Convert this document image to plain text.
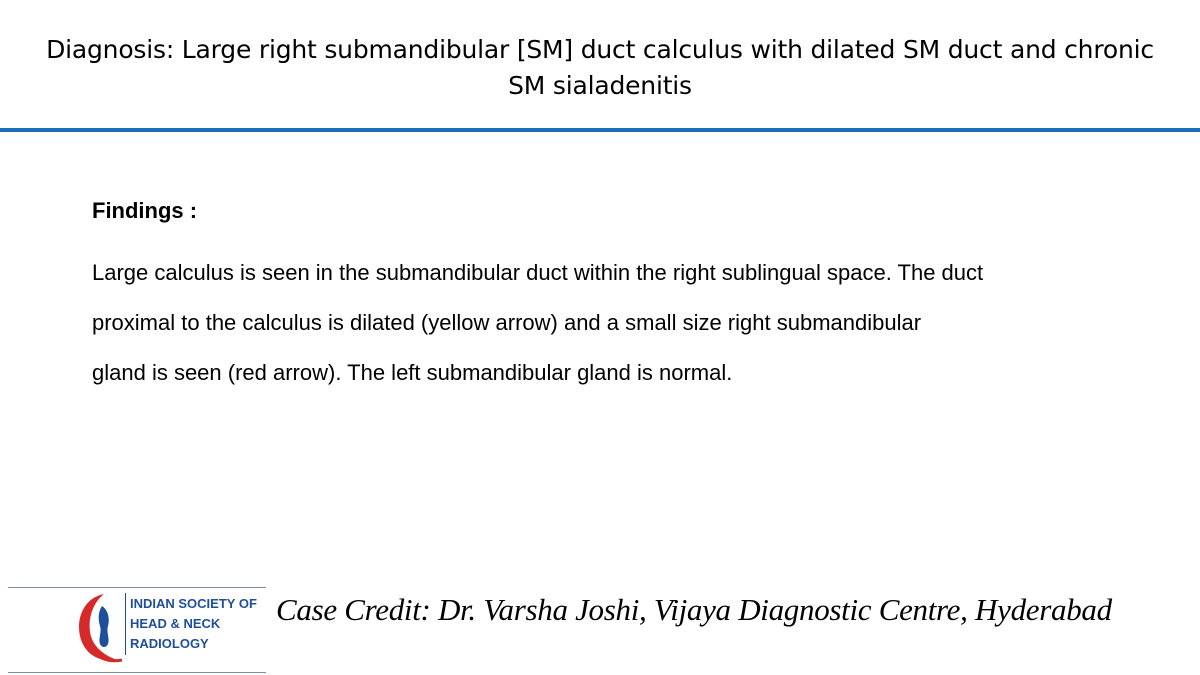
Diagnosis: Large right submandibular [SM] duct calculus with dilated SM duct and chronic SM sialadenitis
Findings :
Large calculus is seen in the submandibular duct within the right sublingual space. The duct
proximal to the calculus is dilated (yellow arrow) and a small size right submandibular
gland is seen (red arrow). The left submandibular gland is normal.
INDIAN SOCIETY OF
HEAD & NECK
RADIOLOGY
Case Credit: Dr. Varsha Joshi, Vijaya Diagnostic Centre, Hyderabad
